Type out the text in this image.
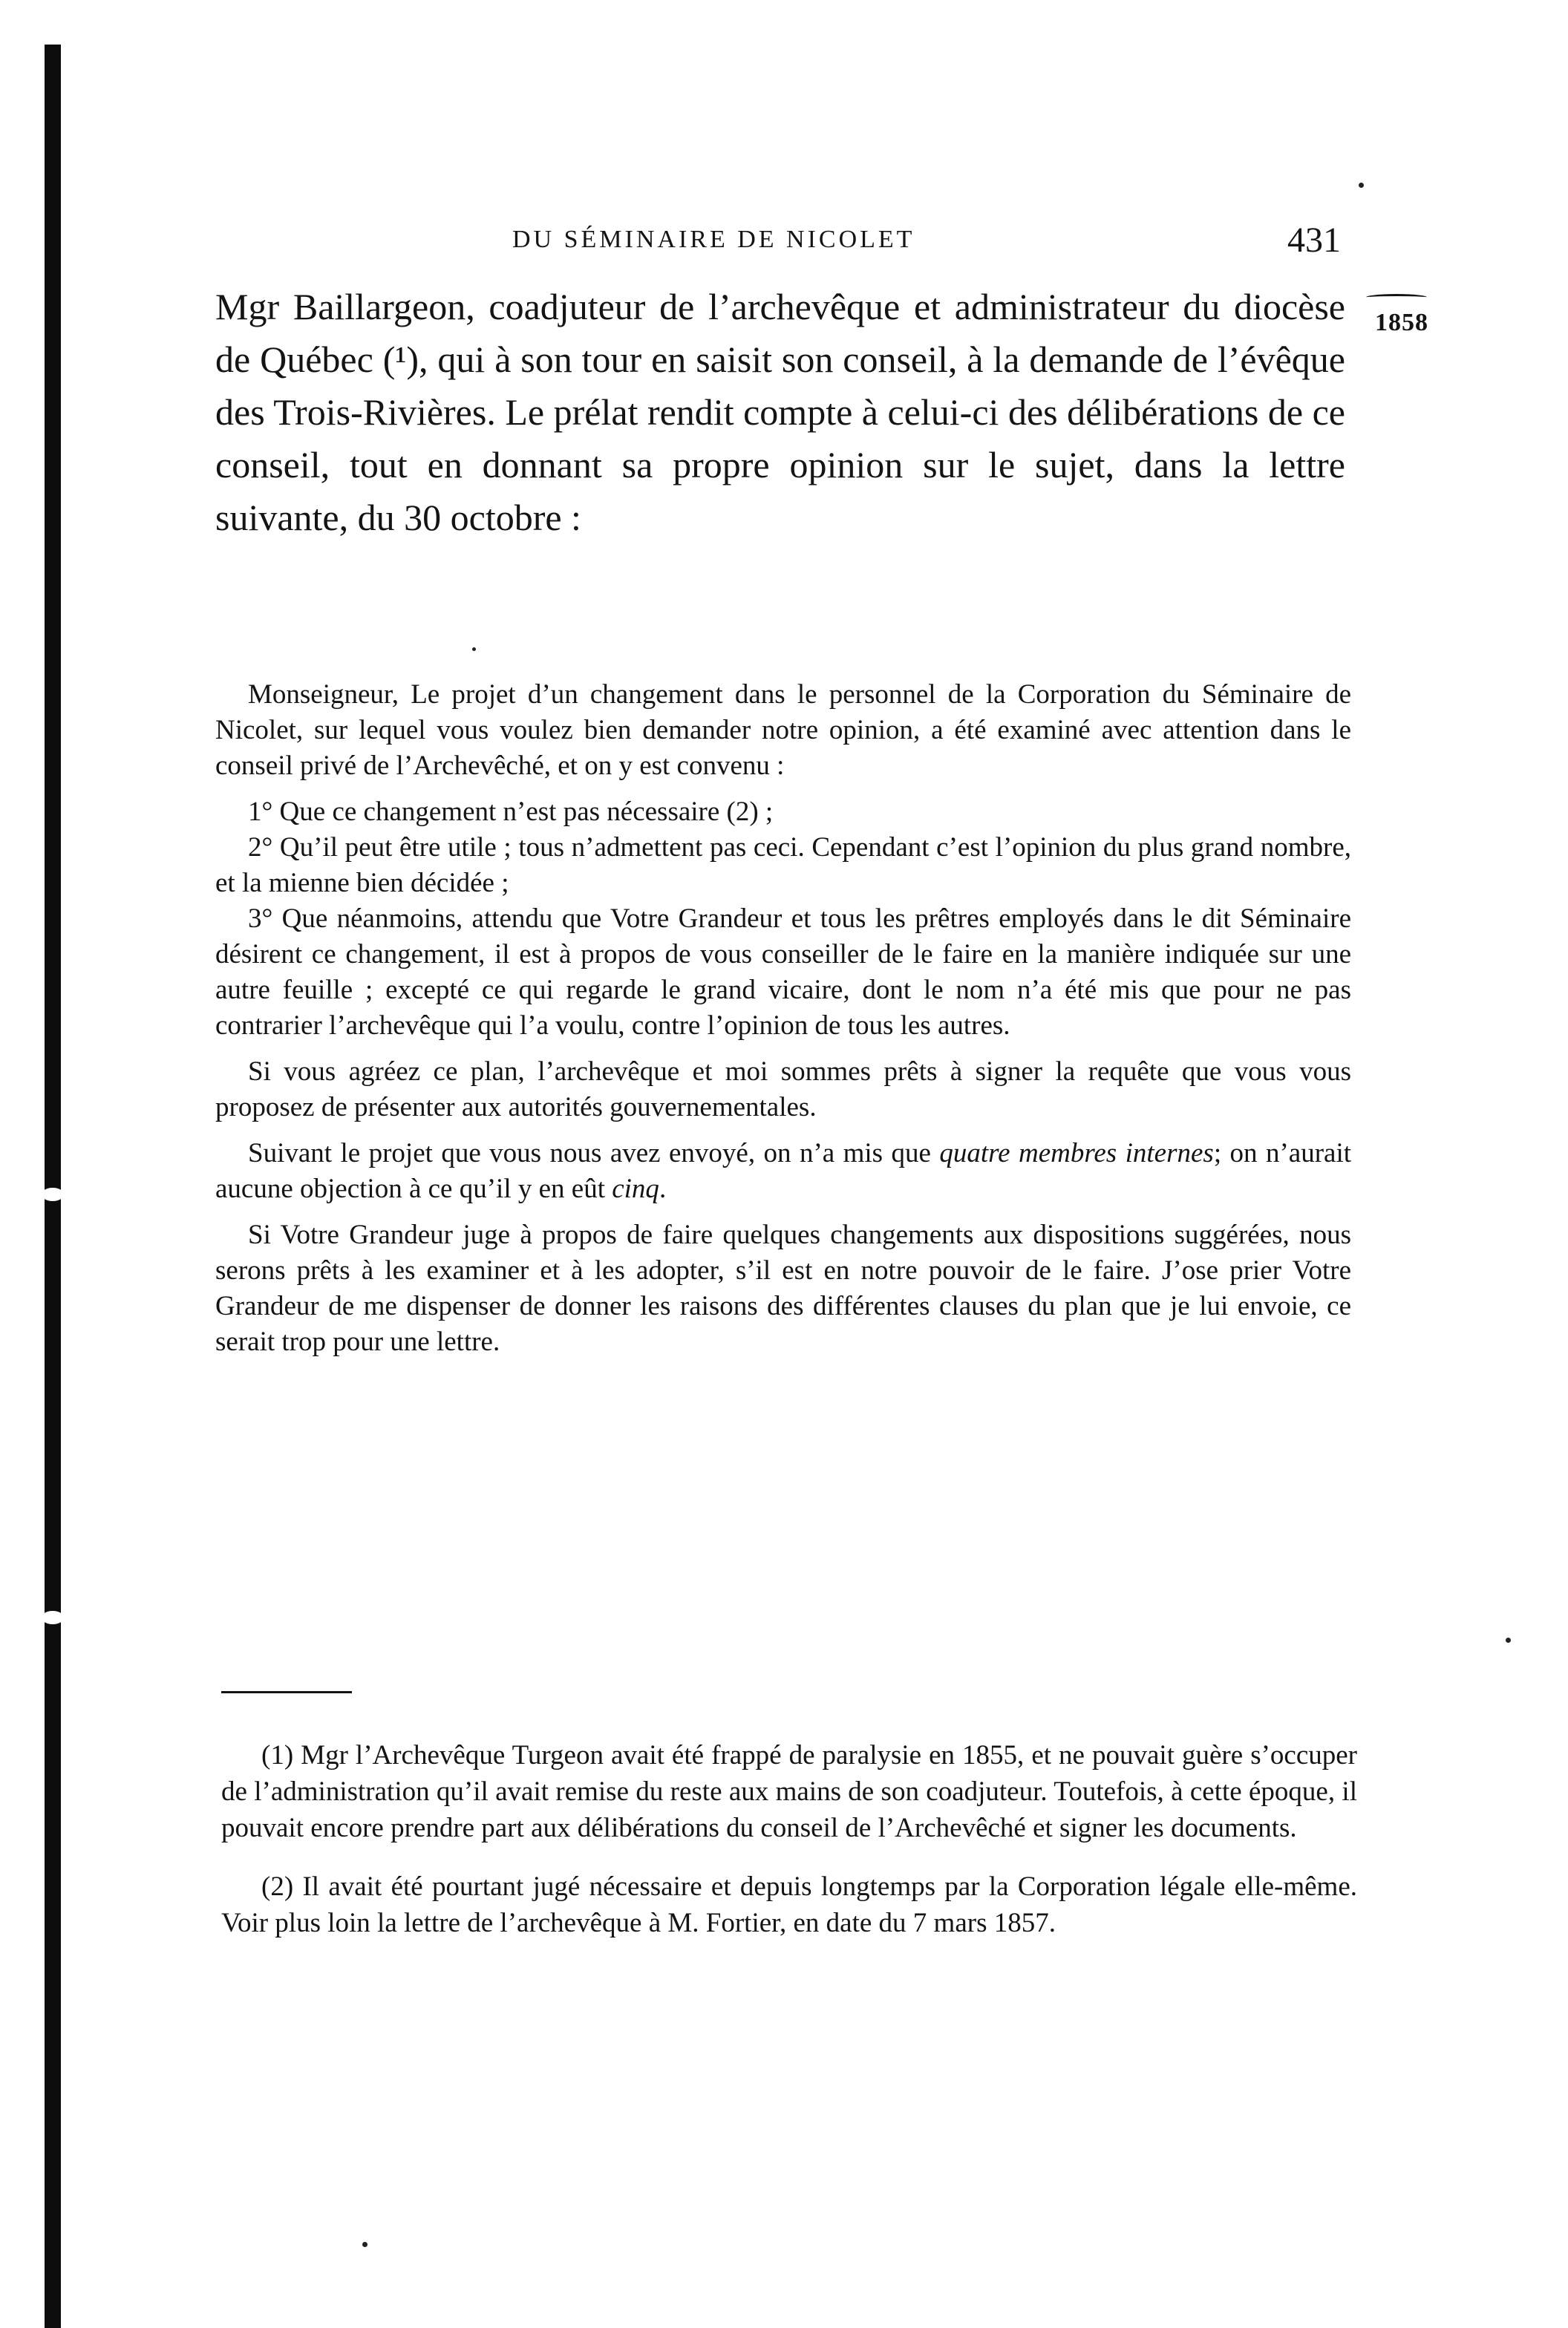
DU SÉMINAIRE DE NICOLET	431
1858

Mgr Baillargeon, coadjuteur de l’archevêque et administrateur du diocèse de Québec (¹), qui à son tour en saisit son conseil, à la demande de l’évêque des Trois-Rivières. Le prélat rendit compte à celui-ci des délibérations de ce conseil, tout en donnant sa propre opinion sur le sujet, dans la lettre suivante, du 30 octobre :

Monseigneur, Le projet d’un changement dans le personnel de la Corporation du Séminaire de Nicolet, sur lequel vous voulez bien demander notre opinion, a été examiné avec attention dans le conseil privé de l’Archevêché, et on y est convenu :

1° Que ce changement n’est pas nécessaire (2) ;

2° Qu’il peut être utile ; tous n’admettent pas ceci. Cependant c’est l’opinion du plus grand nombre, et la mienne bien décidée ;

3° Que néanmoins, attendu que Votre Grandeur et tous les prêtres employés dans le dit Séminaire désirent ce changement, il est à propos de vous conseiller de le faire en la manière indiquée sur une autre feuille ; excepté ce qui regarde le grand vicaire, dont le nom n’a été mis que pour ne pas contrarier l’archevêque qui l’a voulu, contre l’opinion de tous les autres.

Si vous agréez ce plan, l’archevêque et moi sommes prêts à signer la requête que vous vous proposez de présenter aux autorités gouvernementales.

Suivant le projet que vous nous avez envoyé, on n’a mis que quatre membres internes; on n’aurait aucune objection à ce qu’il y en eût cinq.

Si Votre Grandeur juge à propos de faire quelques changements aux dispositions suggérées, nous serons prêts à les examiner et à les adopter, s’il est en notre pouvoir de le faire. J’ose prier Votre Grandeur de me dispenser de donner les raisons des différentes clauses du plan que je lui envoie, ce serait trop pour une lettre.

(1) Mgr l’Archevêque Turgeon avait été frappé de paralysie en 1855, et ne pouvait guère s’occuper de l’administration qu’il avait remise du reste aux mains de son coadjuteur. Toutefois, à cette époque, il pouvait encore prendre part aux délibérations du conseil de l’Archevêché et signer les documents.

(2) Il avait été pourtant jugé nécessaire et depuis longtemps par la Corporation légale elle-même. Voir plus loin la lettre de l’archevêque à M. Fortier, en date du 7 mars 1857.
